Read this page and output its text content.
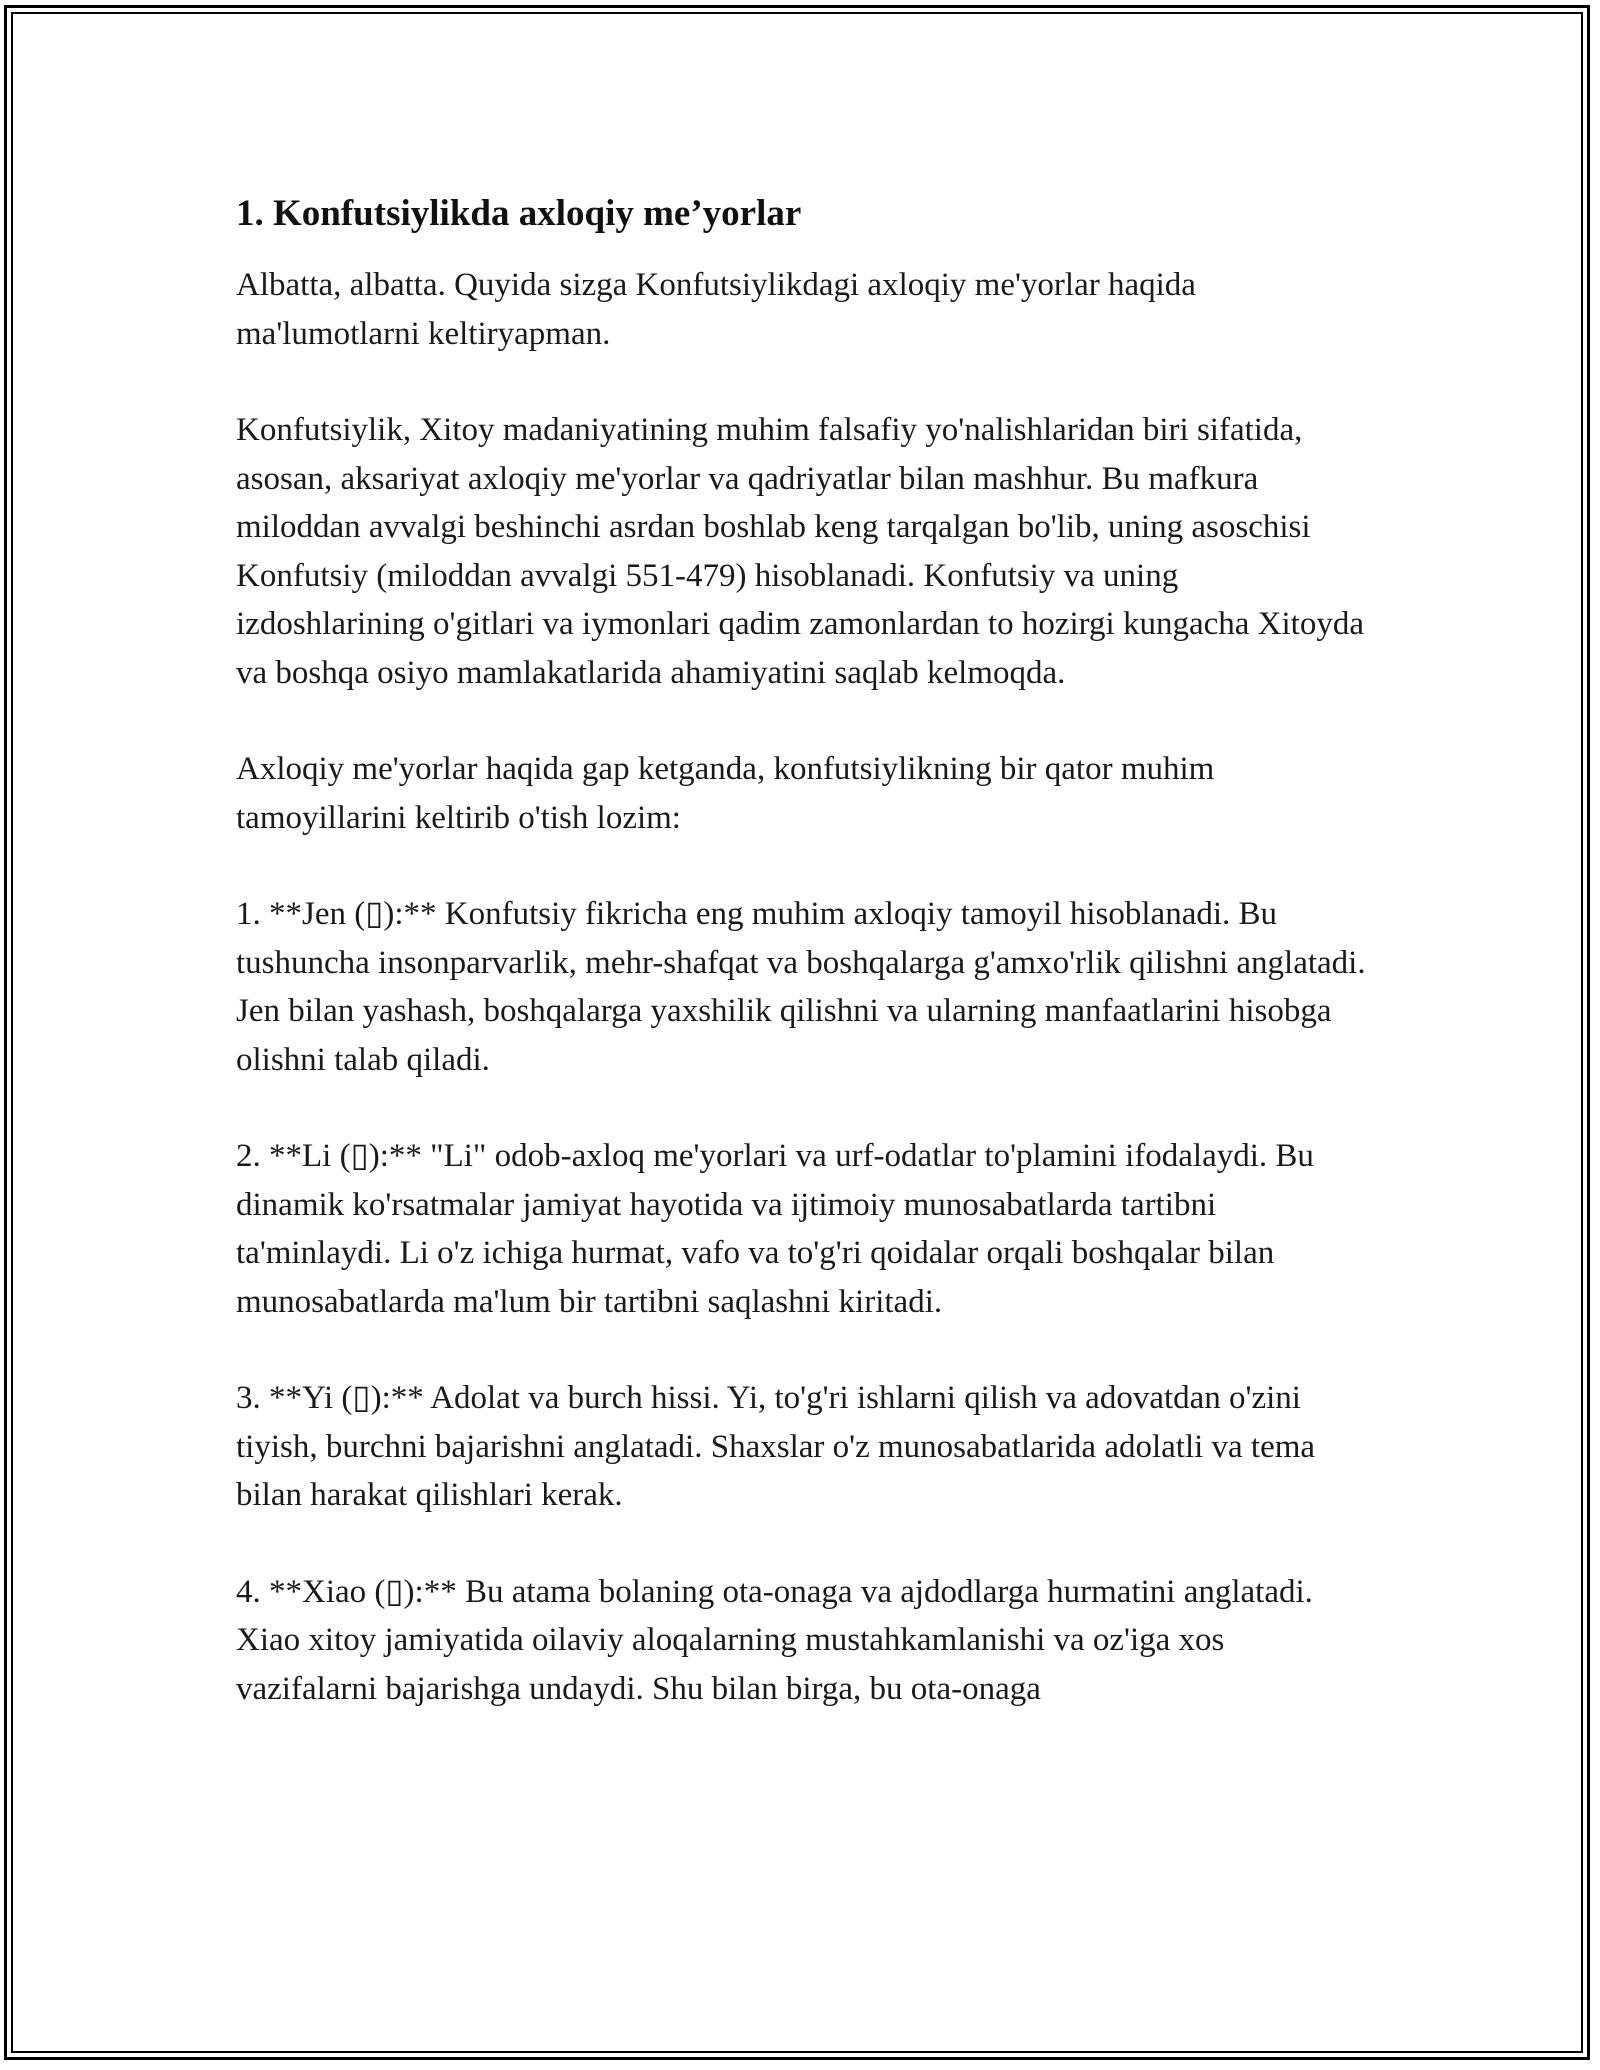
1. Konfutsiylikda axloqiy me’yorlar

Albatta, albatta. Quyida sizga Konfutsiylikdagi axloqiy me'yorlar haqida ma'lumotlarni keltiryapman.

Konfutsiylik, Xitoy madaniyatining muhim falsafiy yo'nalishlaridan biri sifatida, asosan, aksariyat axloqiy me'yorlar va qadriyatlar bilan mashhur. Bu mafkura miloddan avvalgi beshinchi asrdan boshlab keng tarqalgan bo'lib, uning asoschisi Konfutsiy (miloddan avvalgi 551-479) hisoblanadi. Konfutsiy va uning izdoshlarining o'gitlari va iymonlari qadim zamonlardan to hozirgi kungacha Xitoyda va boshqa osiyo mamlakatlarida ahamiyatini saqlab kelmoqda.

Axloqiy me'yorlar haqida gap ketganda, konfutsiylikning bir qator muhim tamoyillarini keltirib o'tish lozim:

1. **Jen (▯):** Konfutsiy fikricha eng muhim axloqiy tamoyil hisoblanadi. Bu tushuncha insonparvarlik, mehr-shafqat va boshqalarga g'amxo'rlik qilishni anglatadi. Jen bilan yashash, boshqalarga yaxshilik qilishni va ularning manfaatlarini hisobga olishni talab qiladi.

2. **Li (▯):** "Li" odob-axloq me'yorlari va urf-odatlar to'plamini ifodalaydi. Bu dinamik ko'rsatmalar jamiyat hayotida va ijtimoiy munosabatlarda tartibni ta'minlaydi. Li o'z ichiga hurmat, vafo va to'g'ri qoidalar orqali boshqalar bilan munosabatlarda ma'lum bir tartibni saqlashni kiritadi.

3. **Yi (▯):** Adolat va burch hissi. Yi, to'g'ri ishlarni qilish va adovatdan o'zini tiyish, burchni bajarishni anglatadi. Shaxslar o'z munosabatlarida adolatli va tema bilan harakat qilishlari kerak.

4. **Xiao (▯):** Bu atama bolaning ota-onaga va ajdodlarga hurmatini anglatadi. Xiao xitoy jamiyatida oilaviy aloqalarning mustahkamlanishi va oz'iga xos vazifalarni bajarishga undaydi. Shu bilan birga, bu ota-onaga
